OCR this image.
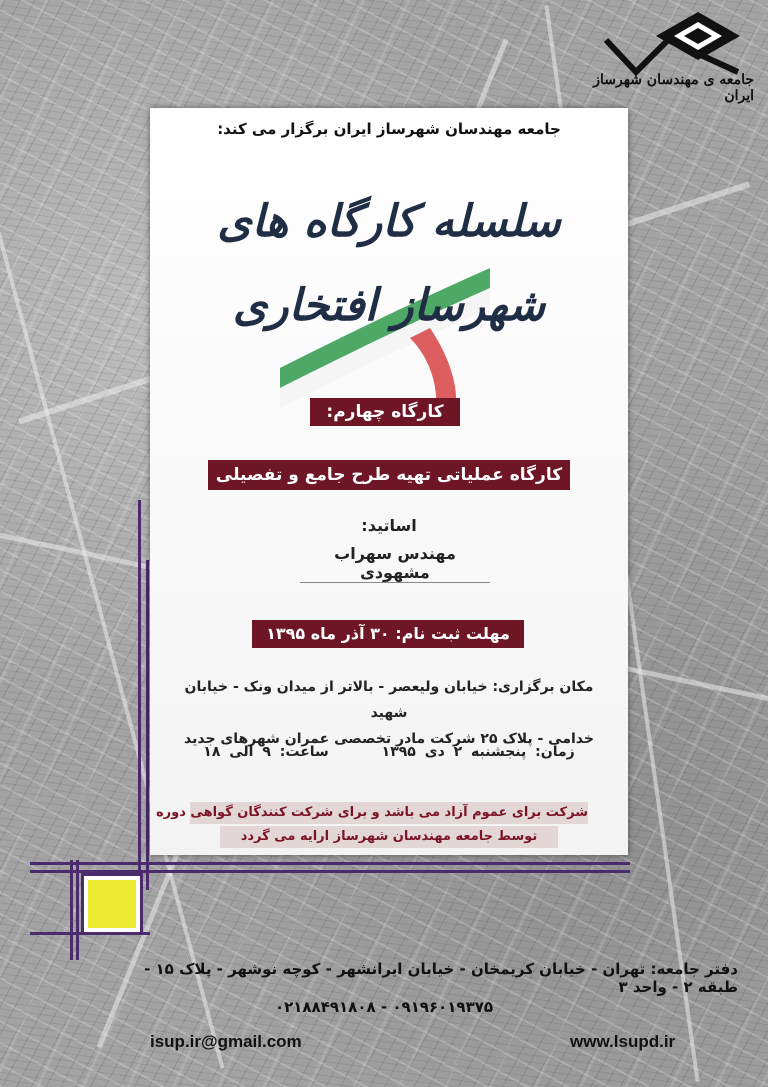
جامعه ی مهندسان شهرساز ایران
جامعه مهندسان شهرساز ایران برگزار می کند:
سلسله کارگاه های
شهرساز افتخاری
کارگاه چهارم:
کارگاه عملیاتی تهیه طرح جامع و تفصیلی
اساتید:
مهندس سهراب مشهودی
مهلت ثبت نام: ۳۰ آذر ماه ۱۳۹۵
مکان برگزاری: خیابان ولیعصر - بالاتر از میدان ونک - خیابان شهید
خدامی - پلاک ۲۵ شرکت مادر تخصصی عمران شهرهای جدید
زمان: پنجشنبه ۲ دی ۱۳۹۵ ساعت: ۹ الی ۱۸
شرکت برای عموم آزاد می باشد و برای شرکت کنندگان گواهی دوره
توسط جامعه مهندسان شهرساز ارایه می گردد
دفتر جامعه: تهران - خیابان کریمخان - خیابان ایرانشهر - کوچه نوشهر - پلاک ۱۵ - طبقه ۲ - واحد ۳
۰۹۱۹۶۰۱۹۳۷۵ - ۰۲۱۸۸۴۹۱۸۰۸
isup.ir@gmail.com	www.lsupd.ir
